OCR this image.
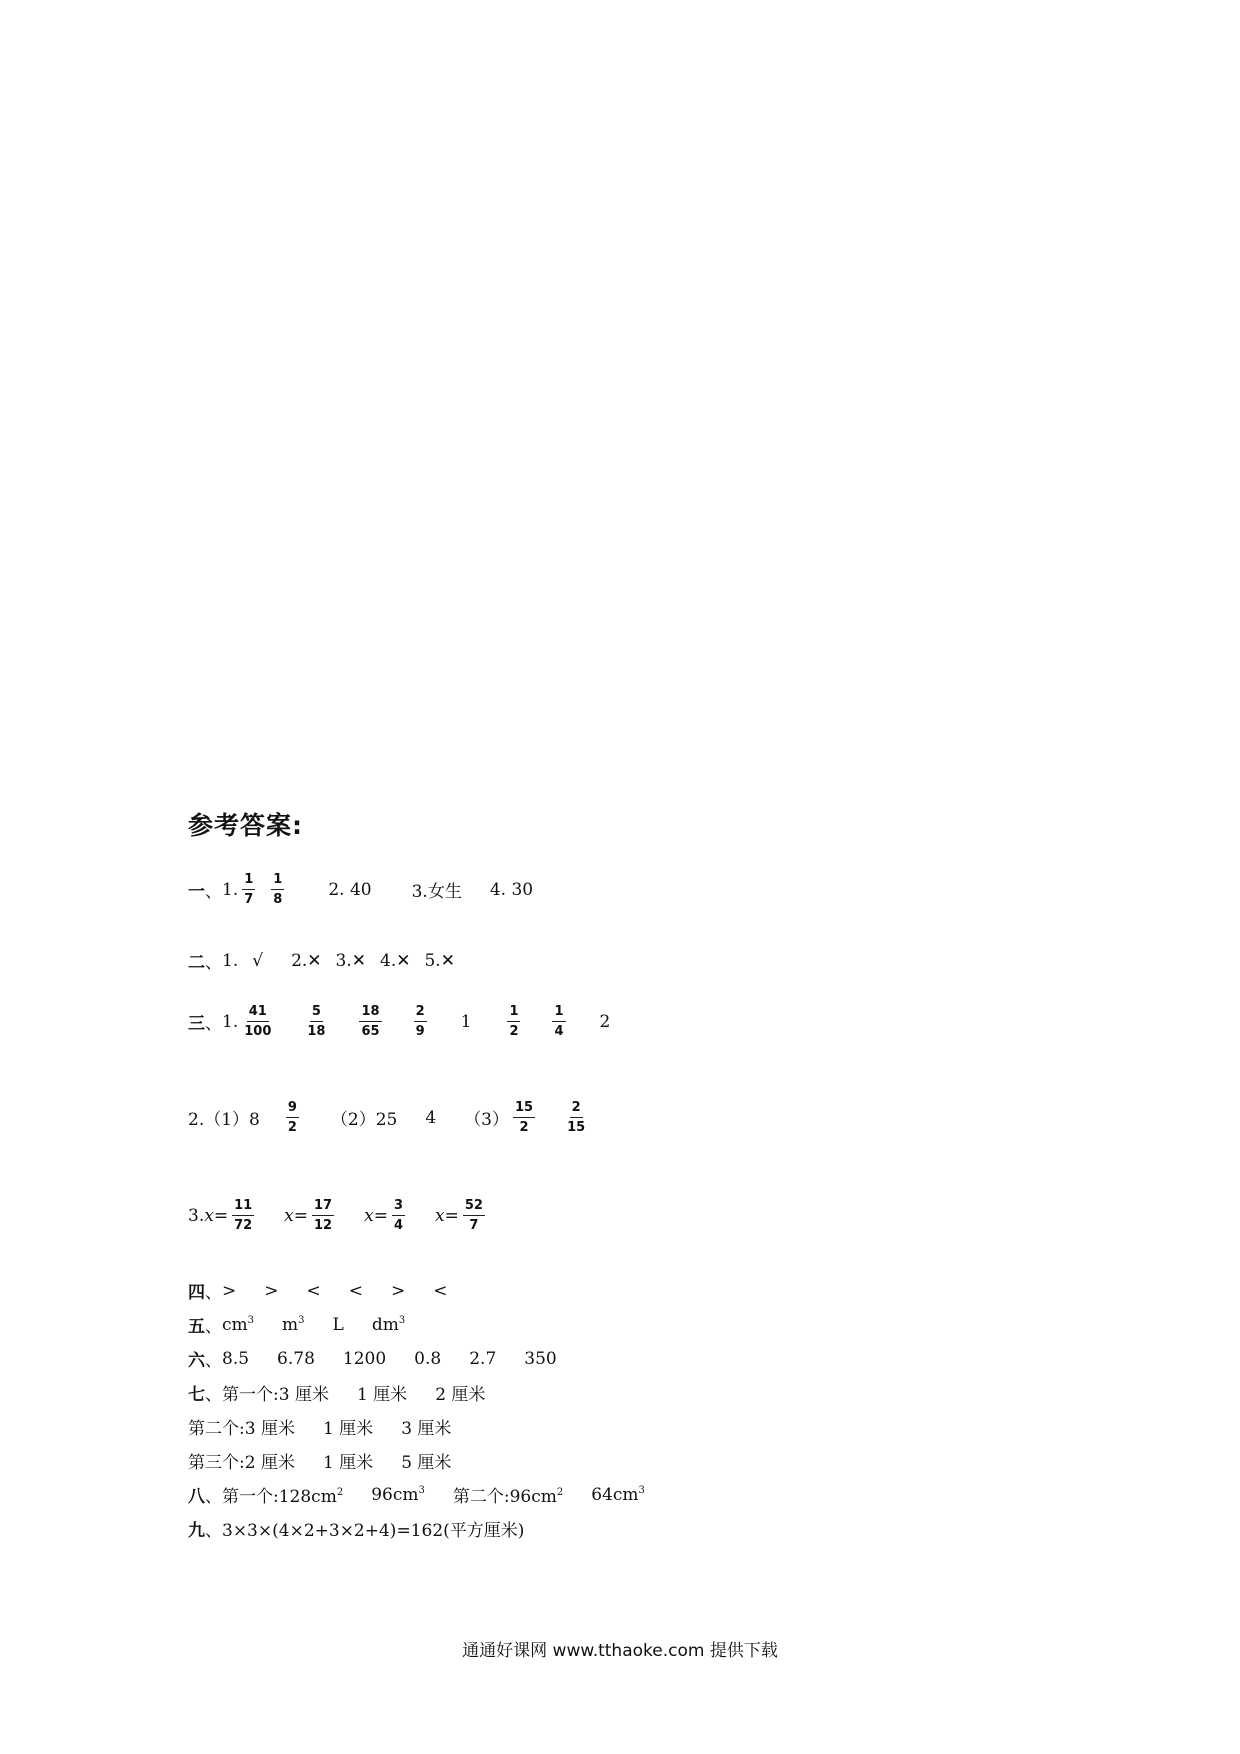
参考答案:
一 、 1. $\frac{1}{7} \frac{1}{8}$	2. 40 3.女生 4. 30
二 、 1. √ 2.✕ 3.✕ 4.✕ 5.✕
三 、 1. $\frac{41}{100} \frac{5}{18} \frac{18}{65} \frac{2}{9} 1$	$\frac{1}{2} \frac{1}{4} 2$
$2.(1)8 \frac{9}{2} (2)25$ 4 $(3) \frac{15}{2} \frac{2}{15}$
3. $x = \frac{11}{72}$ $x = \frac{17}{12}$ $x = \frac{3}{4}$ $x = \frac{52}{7}$
四 、 > > < < > <
五 、 $cm^3$ $m^3$ L $dm^3$
六 、 8.5 6.78 1200 0.8 2.7 350
七 、 第一个:3 厘米 1 厘米 2 厘米
第二个:3 厘米 1 厘米 3 厘米
第三个:2 厘米 1 厘米 5 厘米
八 、 第一个$:128cm^2$ $96cm^3$ 第二个$:96cm^2$ $64cm^3$
九 、 3×3×(4×2+3×2+4)=162(平方厘米)
通通好课网 www.tthaoke.com 提供下载
